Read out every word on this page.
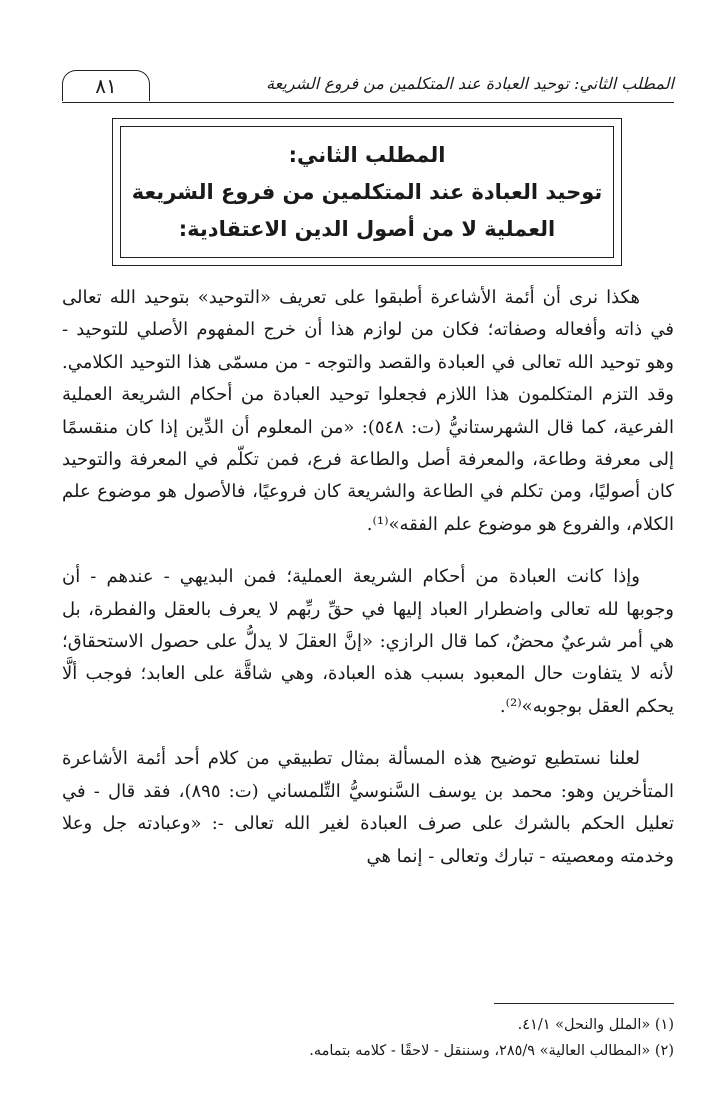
المطلب الثاني: توحيد العبادة عند المتكلمين من فروع الشريعة
٨١
المطلب الثاني:
توحيد العبادة عند المتكلمين من فروع الشريعة
العملية لا من أصول الدين الاعتقادية:

هكذا نرى أن أئمة الأشاعرة أطبقوا على تعريف «التوحيد» بتوحيد الله تعالى في ذاته وأفعاله وصفاته؛ فكان من لوازم هذا أن خرج المفهوم الأصلي للتوحيد - وهو توحيد الله تعالى في العبادة والقصد والتوجه - من مسمّى هذا التوحيد الكلامي. وقد التزم المتكلمون هذا اللازم فجعلوا توحيد العبادة من أحكام الشريعة العملية الفرعية، كما قال الشهرستانيُّ (ت: ٥٤٨): «من المعلوم أن الدِّين إذا كان منقسمًا إلى معرفة وطاعة، والمعرفة أصل والطاعة فرع، فمن تكلّم في المعرفة والتوحيد كان أصوليًا، ومن تكلم في الطاعة والشريعة كان فروعيًا، فالأصول هو موضوع علم الكلام، والفروع هو موضوع علم الفقه»⁽¹⁾.

وإذا كانت العبادة من أحكام الشريعة العملية؛ فمن البديهي - عندهم - أن وجوبها لله تعالى واضطرار العباد إليها في حقِّ ربِّهم لا يعرف بالعقل والفطرة، بل هي أمر شرعيٌ محضٌ، كما قال الرازي: «إنَّ العقلَ لا يدلُّ على حصول الاستحقاق؛ لأنه لا يتفاوت حال المعبود بسبب هذه العبادة، وهي شاقَّة على العابد؛ فوجب ألَّا يحكم العقل بوجوبه»⁽²⁾.

لعلنا نستطيع توضيح هذه المسألة بمثال تطبيقي من كلام أحد أئمة الأشاعرة المتأخرين وهو: محمد بن يوسف السَّنوسيُّ التِّلمساني (ت: ٨٩٥)، فقد قال - في تعليل الحكم بالشرك على صرف العبادة لغير الله تعالى -: «وعبادته جل وعلا وخدمته ومعصيته - تبارك وتعالى - إنما هي

(١) «الملل والنحل» ٤١/١.
(٢) «المطالب العالية» ٢٨٥/٩، وسننقل - لاحقًا - كلامه بتمامه.
